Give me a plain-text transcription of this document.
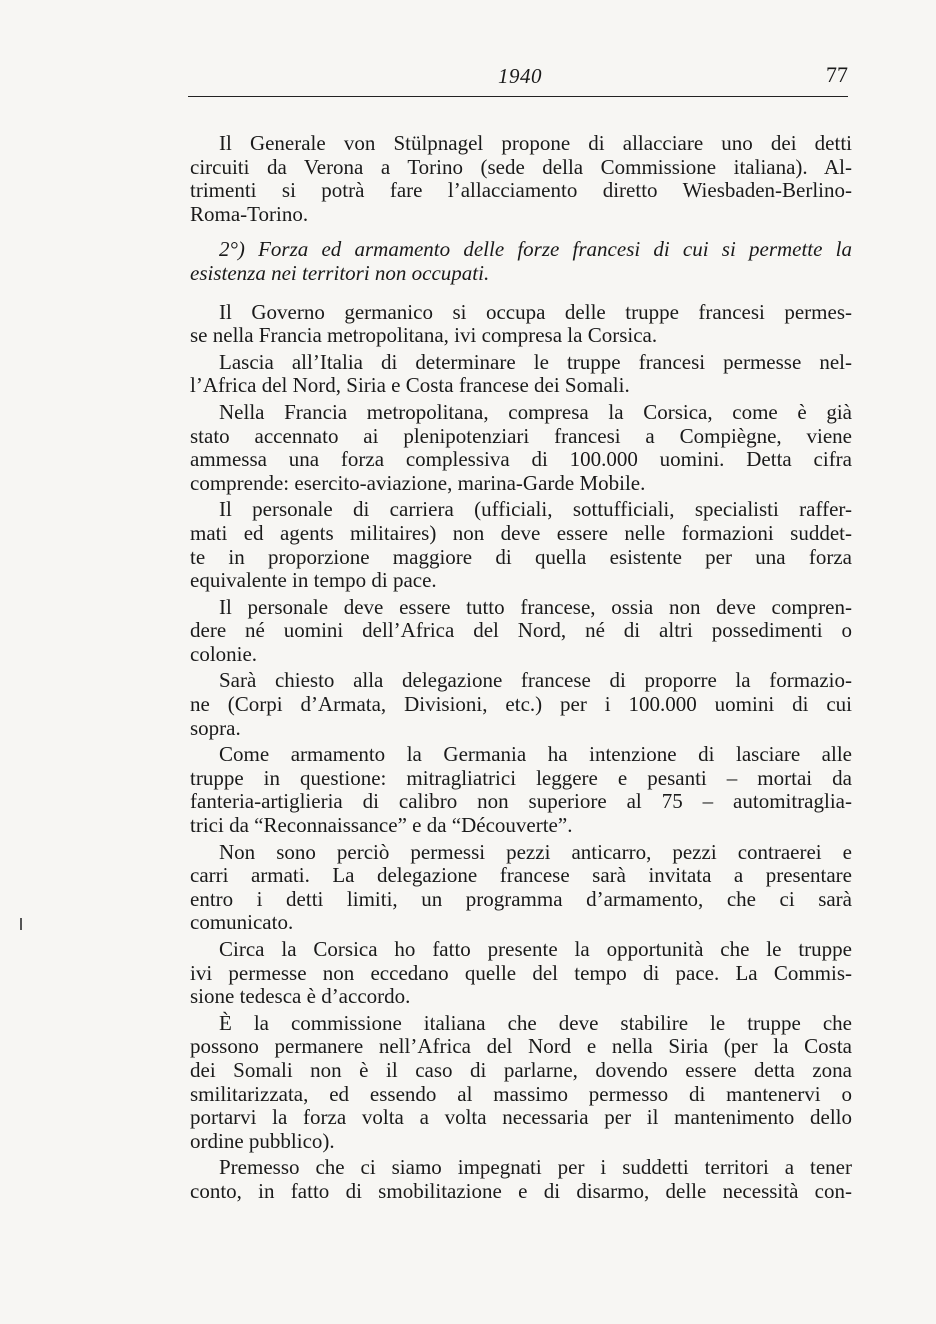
1940	77
Il Generale von Stülpnagel propone di allacciare uno dei detti
circuiti da Verona a Torino (sede della Commissione italiana). Al-
trimenti si potrà fare l’allacciamento diretto Wiesbaden-Berlino-
Roma-Torino.
2°) Forza ed armamento delle forze francesi di cui si permette la
esistenza nei territori non occupati.
Il Governo germanico si occupa delle truppe francesi permes-
se nella Francia metropolitana, ivi compresa la Corsica.
Lascia all’Italia di determinare le truppe francesi permesse nel-
l’Africa del Nord, Siria e Costa francese dei Somali.
Nella Francia metropolitana, compresa la Corsica, come è già
stato accennato ai plenipotenziari francesi a Compiègne, viene
ammessa una forza complessiva di 100.000 uomini. Detta cifra
comprende: esercito-aviazione, marina-Garde Mobile.
Il personale di carriera (ufficiali, sottufficiali, specialisti raffer-
mati ed agents militaires) non deve essere nelle formazioni suddet-
te in proporzione maggiore di quella esistente per una forza
equivalente in tempo di pace.
Il personale deve essere tutto francese, ossia non deve compren-
dere né uomini dell’Africa del Nord, né di altri possedimenti o
colonie.
Sarà chiesto alla delegazione francese di proporre la formazio-
ne (Corpi d’Armata, Divisioni, etc.) per i 100.000 uomini di cui
sopra.
Come armamento la Germania ha intenzione di lasciare alle
truppe in questione: mitragliatrici leggere e pesanti – mortai da
fanteria-artiglieria di calibro non superiore al 75 – automitraglia-
trici da “Reconnaissance” e da “Découverte”.
Non sono perciò permessi pezzi anticarro, pezzi contraerei e
carri armati. La delegazione francese sarà invitata a presentare
entro i detti limiti, un programma d’armamento, che ci sarà
comunicato.
Circa la Corsica ho fatto presente la opportunità che le truppe
ivi permesse non eccedano quelle del tempo di pace. La Commis-
sione tedesca è d’accordo.
È la commissione italiana che deve stabilire le truppe che
possono permanere nell’Africa del Nord e nella Siria (per la Costa
dei Somali non è il caso di parlarne, dovendo essere detta zona
smilitarizzata, ed essendo al massimo permesso di mantenervi o
portarvi la forza volta a volta necessaria per il mantenimento dello
ordine pubblico).
Premesso che ci siamo impegnati per i suddetti territori a tener
conto, in fatto di smobilitazione e di disarmo, delle necessità con-
